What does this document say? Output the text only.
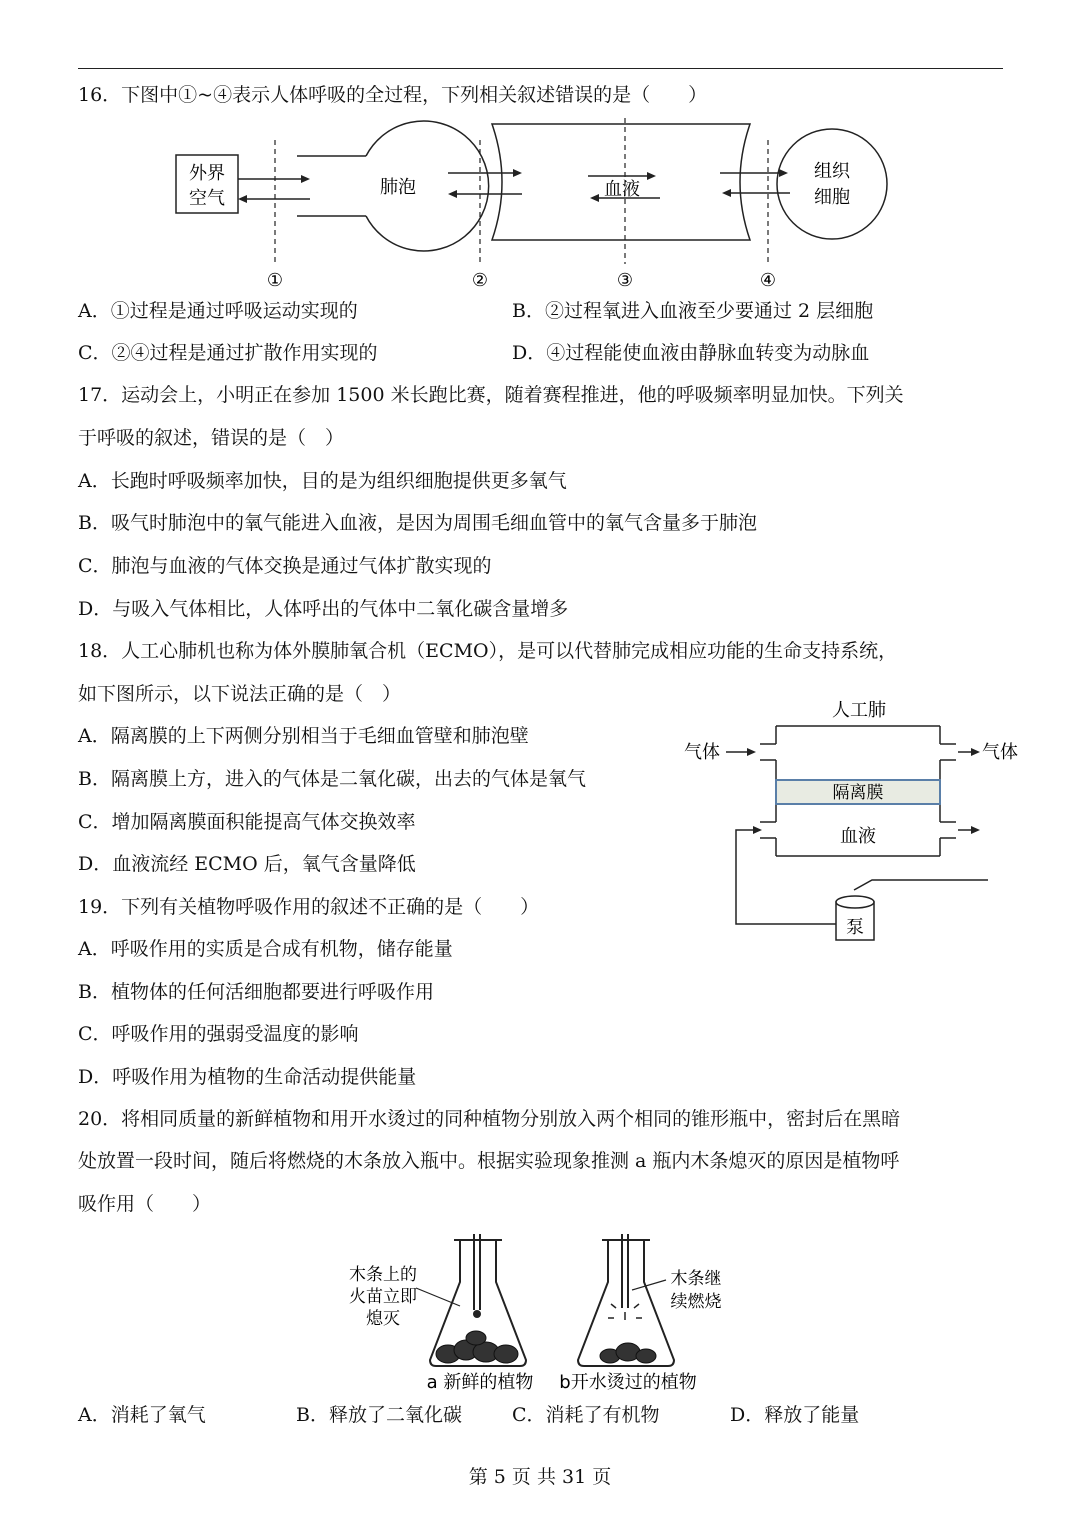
16．下图中①~④表示人体呼吸的全过程，下列相关叙述错误的是（　　）
外界
空气
肺泡	血液
组织
细胞
①	②	③	④
A．①过程是通过呼吸运动实现的	B．②过程氧进入血液至少要通过 2 层细胞
C．②④过程是通过扩散作用实现的	D．④过程能使血液由静脉血转变为动脉血
17．运动会上，小明正在参加 1500 米长跑比赛，随着赛程推进，他的呼吸频率明显加快。下列关
于呼吸的叙述，错误的是（　）
A．长跑时呼吸频率加快，目的是为组织细胞提供更多氧气
B．吸气时肺泡中的氧气能进入血液，是因为周围毛细血管中的氧气含量多于肺泡
C．肺泡与血液的气体交换是通过气体扩散实现的
D．与吸入气体相比，人体呼出的气体中二氧化碳含量增多
18．人工心肺机也称为体外膜肺氧合机（ECMO），是可以代替肺完成相应功能的生命支持系统，
如下图所示，以下说法正确的是（　）
A．隔离膜的上下两侧分别相当于毛细血管壁和肺泡壁
B．隔离膜上方，进入的气体是二氧化碳，出去的气体是氧气
C．增加隔离膜面积能提高气体交换效率
D．血液流经 ECMO 后，氧气含量降低
人工肺
气体	气体
隔离膜
血液
泵
19．下列有关植物呼吸作用的叙述不正确的是（　　）
A．呼吸作用的实质是合成有机物，储存能量
B．植物体的任何活细胞都要进行呼吸作用
C．呼吸作用的强弱受温度的影响
D．呼吸作用为植物的生命活动提供能量
20．将相同质量的新鲜植物和用开水烫过的同种植物分别放入两个相同的锥形瓶中，密封后在黑暗
处放置一段时间，随后将燃烧的木条放入瓶中。根据实验现象推测 a 瓶内木条熄灭的原因是植物呼
吸作用（　　）
木条上的
火苗立即
熄灭
a 新鲜的植物 b开水烫过的植物
木条继
续燃烧
A．消耗了氧气	B．释放了二氧化碳	C．消耗了有机物	D．释放了能量
第 5 页 共 31 页
